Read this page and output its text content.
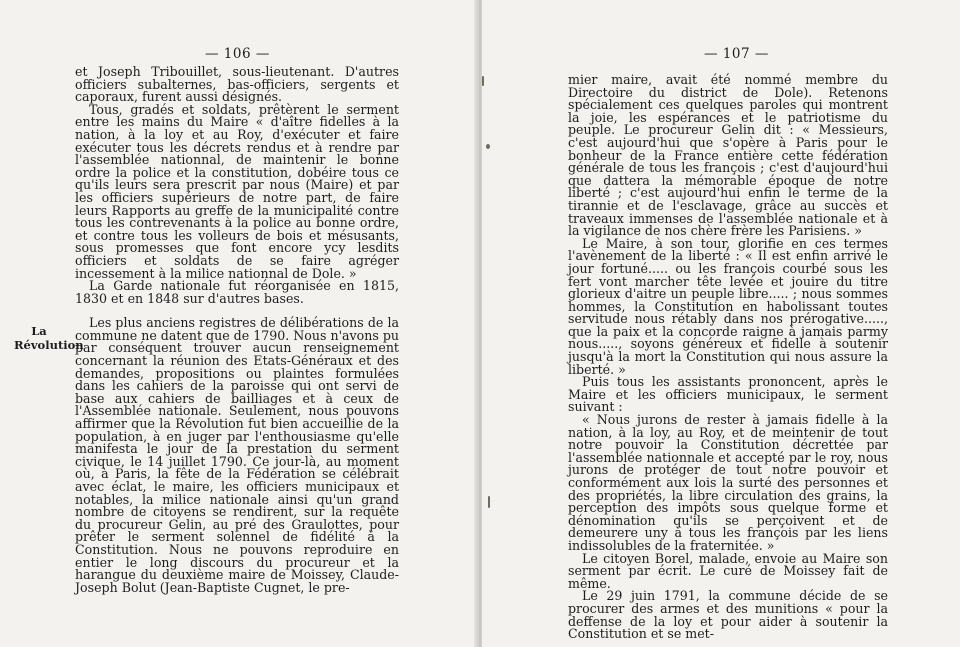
— 106 —
La
Révolution

et Joseph Tribouillet, sous-lieutenant. D'autres officiers subalternes, bas-officiers, sergents et caporaux, furent aussi désignés.

Tous, gradés et soldats, prêtèrent le serment entre les mains du Maire « d'aître fidelles à la nation, à la loy et au Roy, d'exécuter et faire exécuter tous les décrets rendus et à rendre par l'assemblée nationnal, de maintenir le bonne ordre la police et la constitution, dobéire tous ce qu'ils leurs sera prescrit par nous (Maire) et par les officiers supérieurs de notre part, de faire leurs Rapports au greffe de la municipalité contre tous les contrevenants à la police au bonne ordre, et contre tous les volleurs de bois et mésusants, sous promesses que font encore ycy lesdits officiers et soldats de se faire agréger incessement à la milice nationnal de Dole. »

La Garde nationale fut réorganisée en 1815, 1830 et en 1848 sur d'autres bases.

Les plus anciens registres de délibérations de la commune ne datent que de 1790. Nous n'avons pu par conséquent trouver aucun renseignement concernant la réunion des Etats-Généraux et des demandes, propositions ou plaintes formulées dans les cahiers de la paroisse qui ont servi de base aux cahiers de bailliages et à ceux de l'Assemblée nationale. Seulement, nous pouvons affirmer que la Révolution fut bien accueillie de la population, à en juger par l'enthousiasme qu'elle manifesta le jour de la prestation du serment civique, le 14 juillet 1790. Ce jour-là, au moment où, à Paris, la fête de la Fédération se célébrait avec éclat, le maire, les officiers municipaux et notables, la milice nationale ainsi qu'un grand nombre de citoyens se rendirent, sur la requête du procureur Gelin, au pré des Graulottes, pour prêter le serment solennel de fidélité à la Constitution. Nous ne pouvons reproduire en entier le long discours du procureur et la harangue du deuxième maire de Moissey, Claude-Joseph Bolut (Jean-Baptiste Cugnet, le pre-

— 107 —

mier maire, avait été nommé membre du Directoire du district de Dole). Retenons spécialement ces quelques paroles qui montrent la joie, les espérances et le patriotisme du peuple. Le procureur Gelin dit : « Messieurs, c'est aujourd'hui que s'opère à Paris pour le bonheur de la France entière cette fédération générale de tous les françois ; c'est d'aujourd'hui que dattera la mémorable époque de notre liberté ; c'est aujourd'hui enfin le terme de la tirannie et de l'esclavage, grâce au succès et traveaux immenses de l'assemblée nationale et à la vigilance de nos chère frère les Parisiens. »

Le Maire, à son tour, glorifie en ces termes l'avènement de la liberté : « Il est enfin arrivé le jour fortuné..... ou les françois courbé sous les fert vont marcher tête levée et jouire du titre glorieux d'aitre un peuple libre..... ; nous sommes hommes, la Constitution en habolissant toutes servitude nous rétably dans nos prérogative....., que la paix et la concorde raigne à jamais parmy nous....., soyons généreux et fidelle à soutenir jusqu'à la mort la Constitution qui nous assure la liberté. »

Puis tous les assistants prononcent, après le Maire et les officiers municipaux, le serment suivant :

« Nous jurons de rester à jamais fidelle à la nation, à la loy, au Roy, et de meintenir de tout notre pouvoir la Constitution décrettée par l'assemblée nationnale et accepté par le roy, nous jurons de protéger de tout notre pouvoir et conformément aux lois la surté des personnes et des propriétés, la libre circulation des grains, la perception des impôts sous quelque forme et dénomination qu'ils se perçoivent et de demeurere uny à tous les françois par les liens indissolubles de la fraternitée. »

Le citoyen Borel, malade, envoie au Maire son serment par écrit. Le curé de Moissey fait de même.

Le 29 juin 1791, la commune décide de se procurer des armes et des munitions « pour la deffense de la loy et pour aider à soutenir la Constitution et se met-
